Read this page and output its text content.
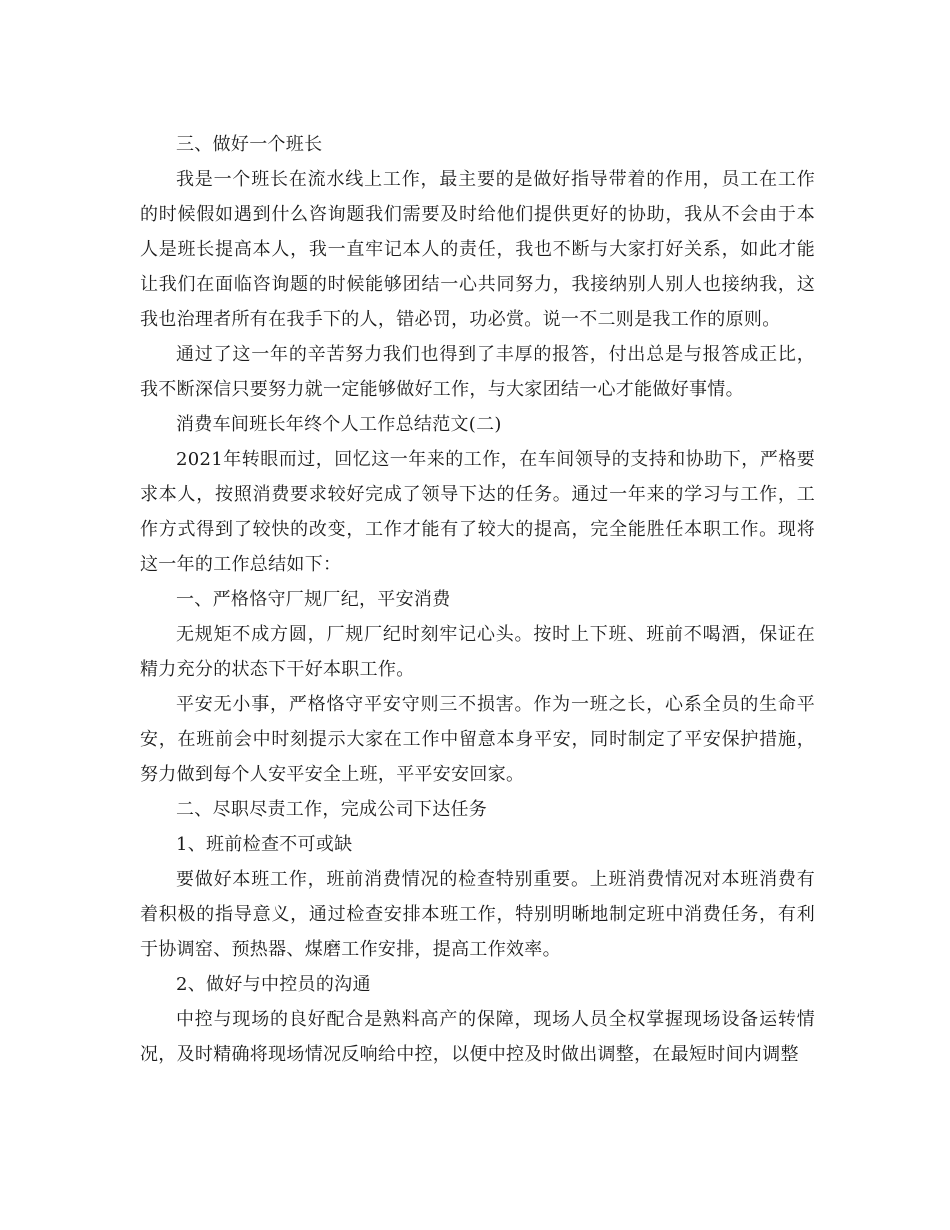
三、做好一个班长

我是一个班长在流水线上工作，最主要的是做好指导带着的作用，员工在工作的时候假如遇到什么咨询题我们需要及时给他们提供更好的协助，我从不会由于本人是班长提高本人，我一直牢记本人的责任，我也不断与大家打好关系，如此才能让我们在面临咨询题的时候能够团结一心共同努力，我接纳别人别人也接纳我，这我也治理者所有在我手下的人，错必罚，功必赏。说一不二则是我工作的原则。

通过了这一年的辛苦努力我们也得到了丰厚的报答，付出总是与报答成正比，我不断深信只要努力就一定能够做好工作，与大家团结一心才能做好事情。

消费车间班长年终个人工作总结范文(二)

2021年转眼而过，回忆这一年来的工作，在车间领导的支持和协助下，严格要求本人，按照消费要求较好完成了领导下达的任务。通过一年来的学习与工作，工作方式得到了较快的改变，工作才能有了较大的提高，完全能胜任本职工作。现将这一年的工作总结如下：

一、严格恪守厂规厂纪，平安消费

无规矩不成方圆，厂规厂纪时刻牢记心头。按时上下班、班前不喝酒，保证在精力充分的状态下干好本职工作。

平安无小事，严格恪守平安守则三不损害。作为一班之长，心系全员的生命平安，在班前会中时刻提示大家在工作中留意本身平安，同时制定了平安保护措施，努力做到每个人安平安全上班，平平安安回家。

二、尽职尽责工作，完成公司下达任务

1、班前检查不可或缺

要做好本班工作，班前消费情况的检查特别重要。上班消费情况对本班消费有着积极的指导意义，通过检查安排本班工作，特别明晰地制定班中消费任务，有利于协调窑、预热器、煤磨工作安排，提高工作效率。

2、做好与中控员的沟通

中控与现场的良好配合是熟料高产的保障，现场人员全权掌握现场设备运转情况，及时精确将现场情况反响给中控，以便中控及时做出调整，在最短时间内调整
